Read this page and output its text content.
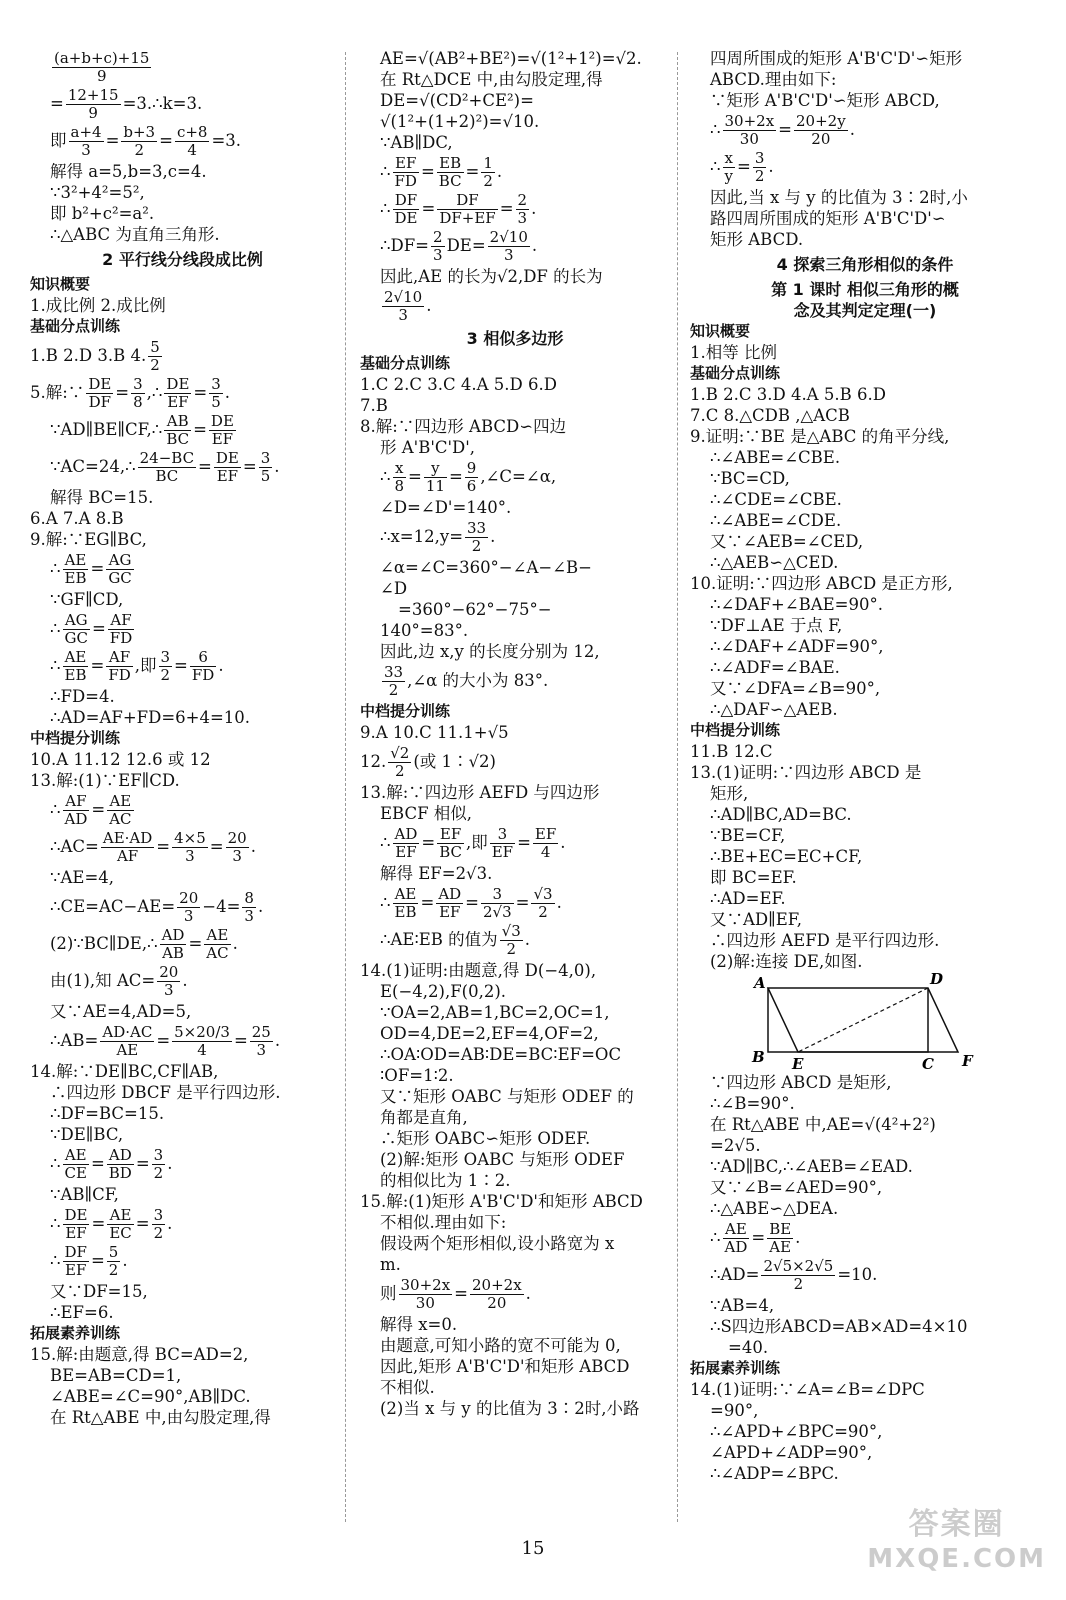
$\frac{(a+b+c)+15}{9}$
= $\frac{12+15}{9}$ =3.∴k=3.
即 $\frac{a+4}{3} = \frac{b+3}{2} = \frac{c+8}{4} =3$.
解得 a=5,b=3,c=4.
∵3²+4²=5²,
即 b²+c²=a².
∴△ABC 为直角三角形.
2 平行线分线段成比例
知识概要
1.成比例 2.成比例
基础分点训练
1.B 2.D 3.B 4. $\frac{5}{2}$
5.解:∵ $\frac{DE}{DF} = \frac{3}{8}$ ,∴ $\frac{DE}{EF} = \frac{3}{5}$ .
∵AD∥BE∥CF,∴ $\frac{AB}{BC} = \frac{DE}{EF}$
∵AC=24,∴ $\frac{24-BC}{BC} = \frac{DE}{EF} = \frac{3}{5}$ .
解得 BC=15.
6.A 7.A 8.B
9.解:∵EG∥BC,
∴ $\frac{AE}{EB} = \frac{AG}{GC}$
∵GF∥CD,
∴ $\frac{AG}{GC} = \frac{AF}{FD}$
∴ $\frac{AE}{EB} = \frac{AF}{FD}$ ,即 $\frac{3}{2} = \frac{6}{FD}$ .
∴FD=4.
∴AD=AF+FD=6+4=10.
中档提分训练
10.A 11.12 12.6 或 12
13.解:(1)∵EF∥CD.
∴ $\frac{AF}{AD} = \frac{AE}{AC}$
∴AC= $\frac{AE\cdot AD}{AF} = \frac{4\times 5}{3} = \frac{20}{3}$ .
∵AE=4,
∴CE=AC−AE= $\frac{20}{3} -4= \frac{8}{3}$ .
(2)∵BC∥DE,∴ $\frac{AD}{AB} = \frac{AE}{AC}$ .
由(1),知 $AC= \frac{20}{3}$ .
又∵AE=4,AD=5,
∴AB= $\frac{AD\cdot AC}{AE} = \frac{5\times 20/3}{4} = \frac{25}{3}$ .
14.解:∵DE∥BC,CF∥AB,
∴四边形 DBCF 是平行四边形.
∴DF=BC=15.
∵DE∥BC,
∴ $\frac{AE}{CE} = \frac{AD}{BD} = \frac{3}{2}$ .
∵AB∥CF,
∴ $\frac{DE}{EF} = \frac{AE}{EC} = \frac{3}{2}$ .
∴ $\frac{DF}{EF} = \frac{5}{2}$ .
又∵DF=15,
∴EF=6.
拓展素养训练
15.解:由题意,得 BC=AD=2,
BE=AB=CD=1,
∠ABE=∠C=90°,AB∥DC.
在 Rt△ABE 中,由勾股定理,得
AE=√(AB²+BE²)=√(1²+1²)=√2.
在 Rt△DCE 中,由勾股定理,得
DE=√(CD²+CE²)=
√(1²+(1+2)²)=√10.
∵AB∥DC,
∴ $\frac{EF}{FD} = \frac{EB}{BC} = \frac{1}{2}$ .
∴ $\frac{DF}{DE} = \frac{DF}{DF+EF} = \frac{2}{3}$ .
∴DF= $\frac{2}{3} DE= \frac{2√10}{3}$ .
因此,AE 的长为√2,DF 的长为
$\frac{2√10}{3}$ .
3 相似多边形
基础分点训练
1.C 2.C 3.C 4.A 5.D 6.D
7.B
8.解:∵四边形 ABCD∽四边
形 A'B'C'D',
∴ $\frac{x}{8} = \frac{y}{11} = \frac{9}{6}$ ,∠C=∠α,
∠D=∠D'=140°.
∴x=12,y= $\frac{33}{2}$ .
∠α=∠C=360°−∠A−∠B−
∠D
=360°−62°−75°−
140°=83°.
因此,边 x,y 的长度分别为 12,
$\frac{33}{2}$ ,∠α 的大小为 83°.
中档提分训练
9.A 10.C 11.1+√5
12. $\frac{√2}{2}$ (或 1∶√2)
13.解:∵四边形 AEFD 与四边形
EBCF 相似,
∴ $\frac{AD}{EF} = \frac{EF}{BC}$ ,即 $\frac{3}{EF} = \frac{EF}{4}$ .
解得 EF=2√3.
∴ $\frac{AE}{EB} = \frac{AD}{EF} = \frac{3}{2√3} = \frac{√3}{2}$ .
∴AE∶EB 的值为 $\frac{√3}{2}$ .
14.(1)证明:由题意,得 D(−4,0),
E(−4,2),F(0,2).
∵OA=2,AB=1,BC=2,OC=1,
OD=4,DE=2,EF=4,OF=2,
∴OA∶OD=AB∶DE=BC∶EF=OC
∶OF=1∶2.
又∵矩形 OABC 与矩形 ODEF 的
角都是直角,
∴矩形 OABC∽矩形 ODEF.
(2)解:矩形 OABC 与矩形 ODEF
的相似比为 1∶2.
15.解:(1)矩形 A'B'C'D'和矩形 ABCD
不相似.理由如下:
假设两个矩形相似,设小路宽为 x
m.
则 $\frac{30+2x}{30} = \frac{20+2x}{20}$ .
解得 x=0.
由题意,可知小路的宽不可能为 0,
因此,矩形 A'B'C'D'和矩形 ABCD
不相似.
(2)当 x 与 y 的比值为 3∶2时,小路
四周所围成的矩形 A'B'C'D'∽矩形
ABCD.理由如下:
∵矩形 A'B'C'D'∽矩形 ABCD,
∴ $\frac{30+2x}{30} = \frac{20+2y}{20}$ .
∴ $\frac{x}{y} = \frac{3}{2}$ .
因此,当 x 与 y 的比值为 3∶2时,小
路四周所围成的矩形 A'B'C'D'∽
矩形 ABCD.
4 探索三角形相似的条件
第 1 课时 相似三角形的概
念及其判定定理(一)
知识概要
1.相等 比例
基础分点训练
1.B 2.C 3.D 4.A 5.B 6.D
7.C 8.△CDB ,△ACB
9.证明:∵BE 是△ABC 的角平分线,
∴∠ABE=∠CBE.
∵BC=CD,
∴∠CDE=∠CBE.
∴∠ABE=∠CDE.
又∵∠AEB=∠CED,
∴△AEB∽△CED.
10.证明:∵四边形 ABCD 是正方形,
∴∠DAF+∠BAE=90°.
∵DF⊥AE 于点 F,
∴∠DAF+∠ADF=90°,
∴∠ADF=∠BAE.
又∵∠DFA=∠B=90°,
∴△DAF∽△AEB.
中档提分训练
11.B 12.C
13.(1)证明:∵四边形 ABCD 是
矩形,
∴AD∥BC,AD=BC.
∵BE=CF,
∴BE+EC=EC+CF,
即 BC=EF.
∴AD=EF.
又∵AD∥EF,
∴四边形 AEFD 是平行四边形.
(2)解:连接 DE,如图.
A	D
B E	C F
∵四边形 ABCD 是矩形,
∴∠B=90°.
在 Rt△ABE 中,AE=√(4²+2²)
=2√5.
∵AD∥BC,∴∠AEB=∠EAD.
又∵∠B=∠AED=90°,
∴△ABE∽△DEA.
∴ $\frac{AE}{AD} = \frac{BE}{AE}$ .
∴AD= $\frac{2√5\times 2√5}{2} =10$.
∵AB=4,
∴S四边形ABCD=AB×AD=4×10
=40.
拓展素养训练
14.(1)证明:∵∠A=∠B=∠DPC
=90°,
∴∠APD+∠BPC=90°,
∠APD+∠ADP=90°,
∴∠ADP=∠BPC.
15
答案圈
MXQE.COM
